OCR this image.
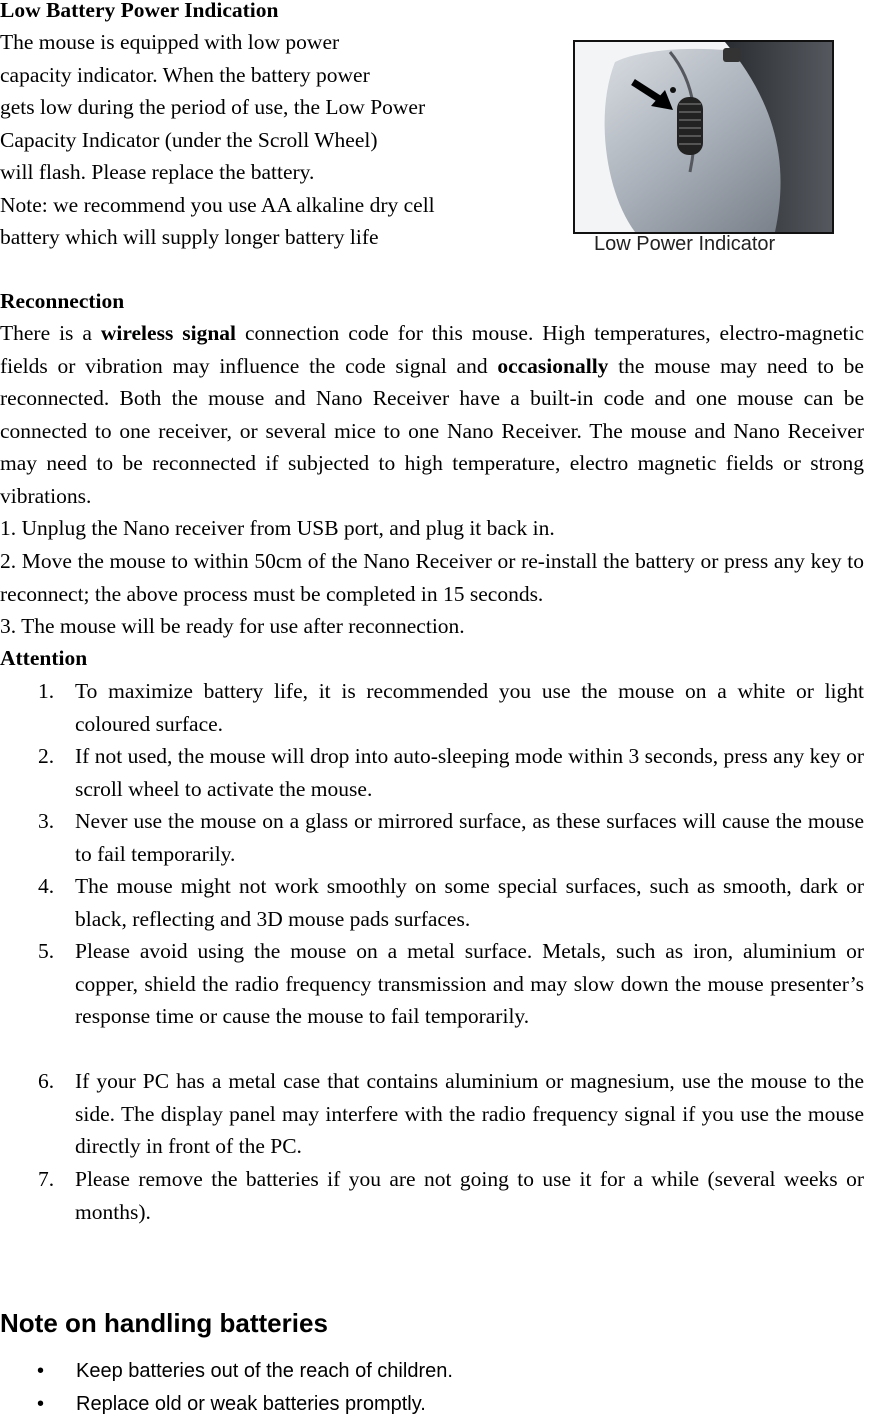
Low Battery Power Indication
The mouse is equipped with low power
capacity indicator. When the battery power
gets low during the period of use, the Low Power
Capacity Indicator (under the Scroll Wheel)
will flash. Please replace the battery.
Note: we recommend you use AA alkaline dry cell
battery which will supply longer battery life	Low Power Indicator
Reconnection
There is a wireless signal connection code for this mouse. High temperatures, electro-magnetic fields or vibration may influence the code signal and occasionally the mouse may need to be reconnected. Both the mouse and Nano Receiver have a built-in code and one mouse can be connected to one receiver, or several mice to one Nano Receiver. The mouse and Nano Receiver may need to be reconnected if subjected to high temperature, electro magnetic fields or strong vibrations.
1. Unplug the Nano receiver from USB port, and plug it back in.
2. Move the mouse to within 50cm of the Nano Receiver or re-install the battery or press any key to reconnect; the above process must be completed in 15 seconds.
3. The mouse will be ready for use after reconnection.
Attention
1. To maximize battery life, it is recommended you use the mouse on a white or light coloured surface.
2. If not used, the mouse will drop into auto-sleeping mode within 3 seconds, press any key or scroll wheel to activate the mouse.
3. Never use the mouse on a glass or mirrored surface, as these surfaces will cause the mouse to fail temporarily.
4. The mouse might not work smoothly on some special surfaces, such as smooth, dark or black, reflecting and 3D mouse pads surfaces.
5. Please avoid using the mouse on a metal surface. Metals, such as iron, aluminium or copper, shield the radio frequency transmission and may slow down the mouse presenter’s response time or cause the mouse to fail temporarily.
6. If your PC has a metal case that contains aluminium or magnesium, use the mouse to the side. The display panel may interfere with the radio frequency signal if you use the mouse directly in front of the PC.
7. Please remove the batteries if you are not going to use it for a while (several weeks or months).
Note on handling batteries
• Keep batteries out of the reach of children.
• Replace old or weak batteries promptly.
